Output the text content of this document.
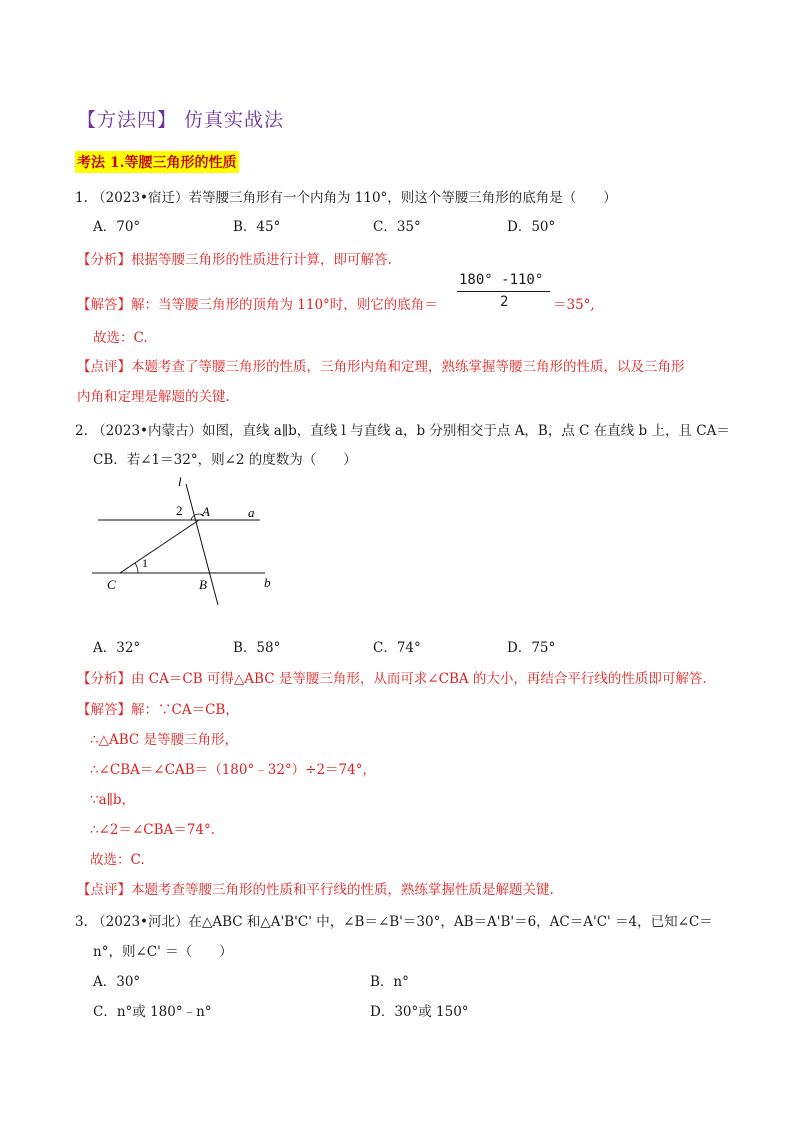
【方法四】 仿真实战法
考法 1.等腰三角形的性质
1. （2023•宿迁）若等腰三角形有一个内角为 110°，则这个等腰三角形的底角是（　　）
A．70°	B．45°	C．35°	D．50°
【分析】根据等腰三角形的性质进行计算，即可解答.
180° -110°
2
【解答】解：当等腰三角形的顶角为 110°时，则它的底角＝	＝35°,
故选：C.
【点评】本题考查了等腰三角形的性质，三角形内角和定理，熟练掌握等腰三角形的性质，以及三角形
内角和定理是解题的关键.
2. （2023•内蒙古）如图，直线 a∥b，直线 l 与直线 a，b 分别相交于点 A，B，点 C 在直线 b 上，且 CA＝
CB．若∠1＝32°，则∠2 的度数为（　　）
l
2 A	a
1
C	B	b
A．32°	B．58°	C．74°	D．75°
【分析】由 CA＝CB 可得△ABC 是等腰三角形，从而可求∠CBA 的大小，再结合平行线的性质即可解答.
【解答】解：∵CA＝CB，
∴△ABC 是等腰三角形，
∴∠CBA＝∠CAB＝（180°﹣32°）÷2＝74°，
∵a∥b，
∴∠2＝∠CBA＝74°.
故选：C.
【点评】本题考查等腰三角形的性质和平行线的性质，熟练掌握性质是解题关键.
3. （2023•河北）在△ABC 和△A'B'C' 中，∠B＝∠B'＝30°，AB＝A'B'＝6，AC＝A'C' ＝4，已知∠C＝
n°，则∠C' ＝（　　）
A．30°	B．n°
C．n°或 180°﹣n°	D．30°或 150°
